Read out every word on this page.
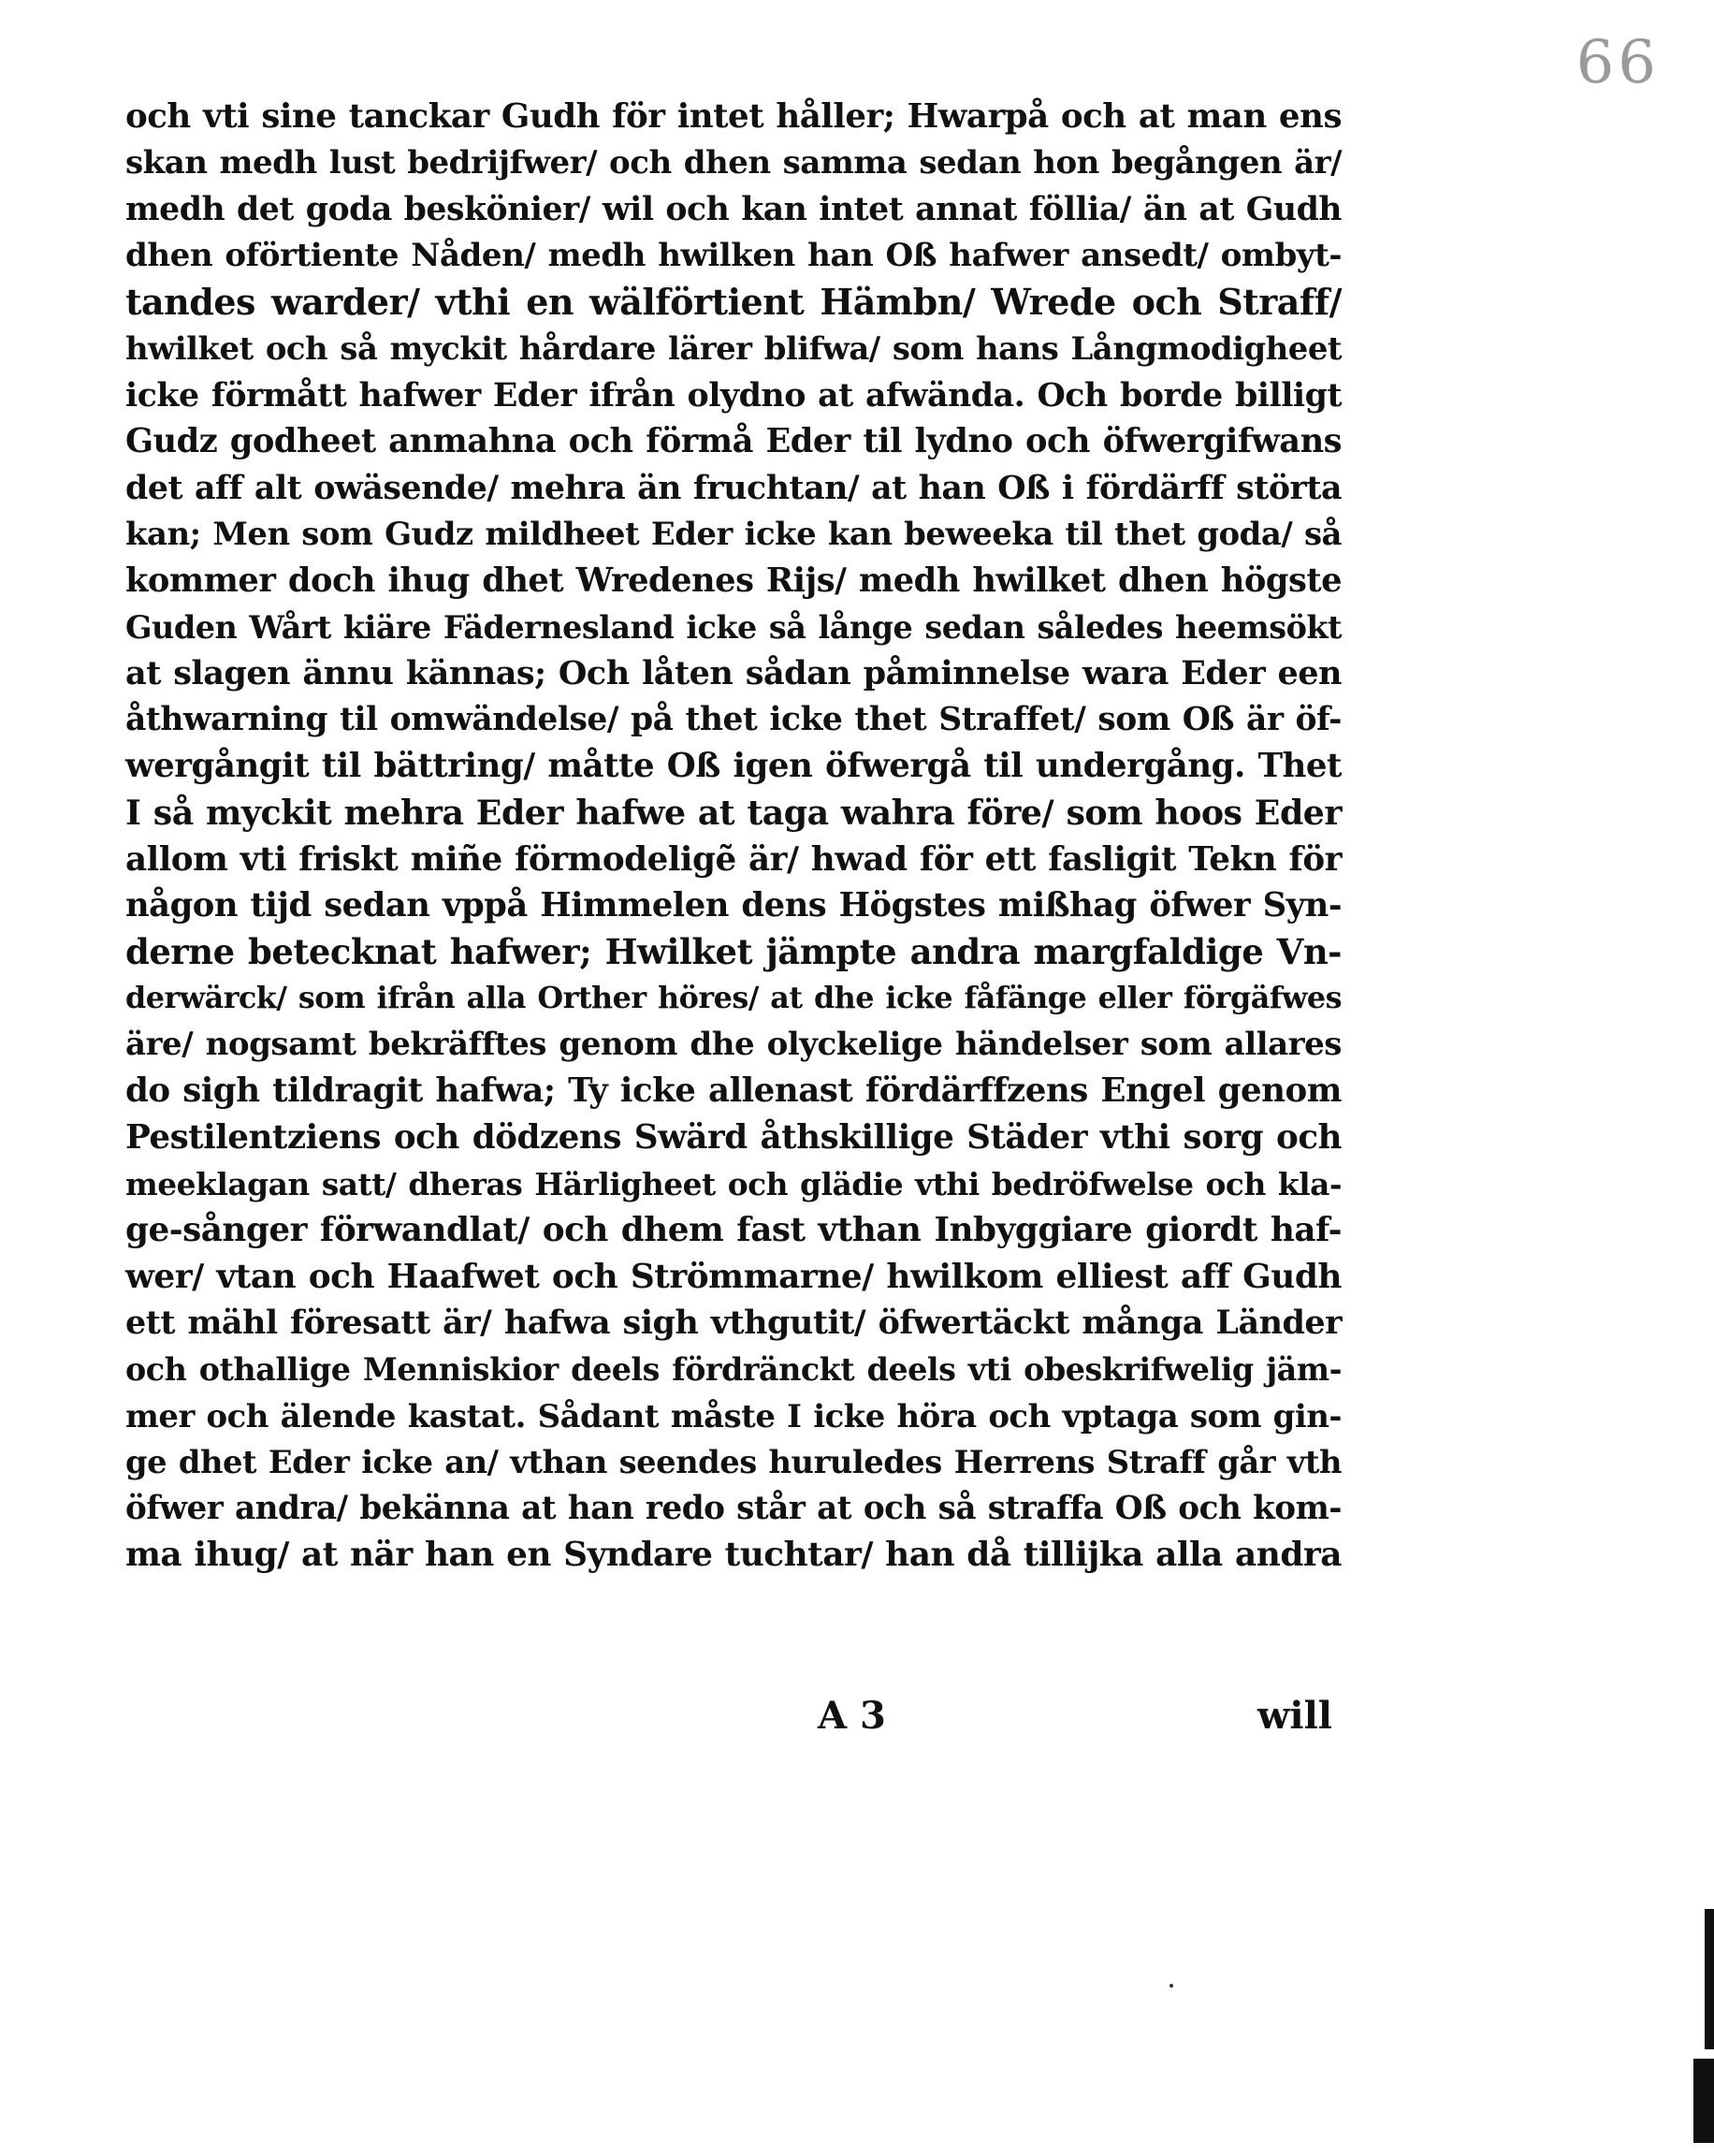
66
och vti sine tanckar Gudh för intet håller; Hwarpå och at man ens
skan medh lust bedrijfwer/ och dhen samma sedan hon begången är/
medh det goda beskönier/ wil och kan intet annat föllia/ än at Gudh
dhen oförtiente Nåden/ medh hwilken han Oß hafwer ansedt/ ombyt-
tandes warder/ vthi en wälförtient Hämbn/ Wrede och Straff/
hwilket och så myckit hårdare lärer blifwa/ som hans Långmodigheet
icke förmått hafwer Eder ifrån olydno at afwända. Och borde billigt
Gudz godheet anmahna och förmå Eder til lydno och öfwergifwans
det aff alt owäsende/ mehra än fruchtan/ at han Oß i fördärff störta
kan; Men som Gudz mildheet Eder icke kan beweeka til thet goda/ så
kommer doch ihug dhet Wredenes Rijs/ medh hwilket dhen högste
Guden Wårt kiäre Fädernesland icke så långe sedan således heemsökt
at slagen ännu kännas; Och låten sådan påminnelse wara Eder een
åthwarning til omwändelse/ på thet icke thet Straffet/ som Oß är öf-
wergångit til bättring/ måtte Oß igen öfwergå til undergång. Thet
I så myckit mehra Eder hafwe at taga wahra före/ som hoos Eder
allom vti friskt miñe förmodeligẽ är/ hwad för ett fasligit Tekn för
någon tijd sedan vppå Himmelen dens Högstes mißhag öfwer Syn-
derne betecknat hafwer; Hwilket jämpte andra margfaldige Vn-
derwärck/ som ifrån alla Orther höres/ at dhe icke fåfänge eller förgäfwes
äre/ nogsamt bekräfftes genom dhe olyckelige händelser som allares
do sigh tildragit hafwa; Ty icke allenast fördärffzens Engel genom
Pestilentziens och dödzens Swärd åthskillige Städer vthi sorg och
meeklagan satt/ dheras Härligheet och glädie vthi bedröfwelse och kla-
ge-sånger förwandlat/ och dhem fast vthan Inbyggiare giordt haf-
wer/ vtan och Haafwet och Strömmarne/ hwilkom elliest aff Gudh
ett mähl föresatt är/ hafwa sigh vthgutit/ öfwertäckt många Länder
och othallige Menniskior deels fördränckt deels vti obeskrifwelig jäm-
mer och älende kastat. Sådant måste I icke höra och vptaga som gin-
ge dhet Eder icke an/ vthan seendes huruledes Herrens Straff går vth
öfwer andra/ bekänna at han redo står at och så straffa Oß och kom-
ma ihug/ at när han en Syndare tuchtar/ han då tillijka alla andra
A 3	will
